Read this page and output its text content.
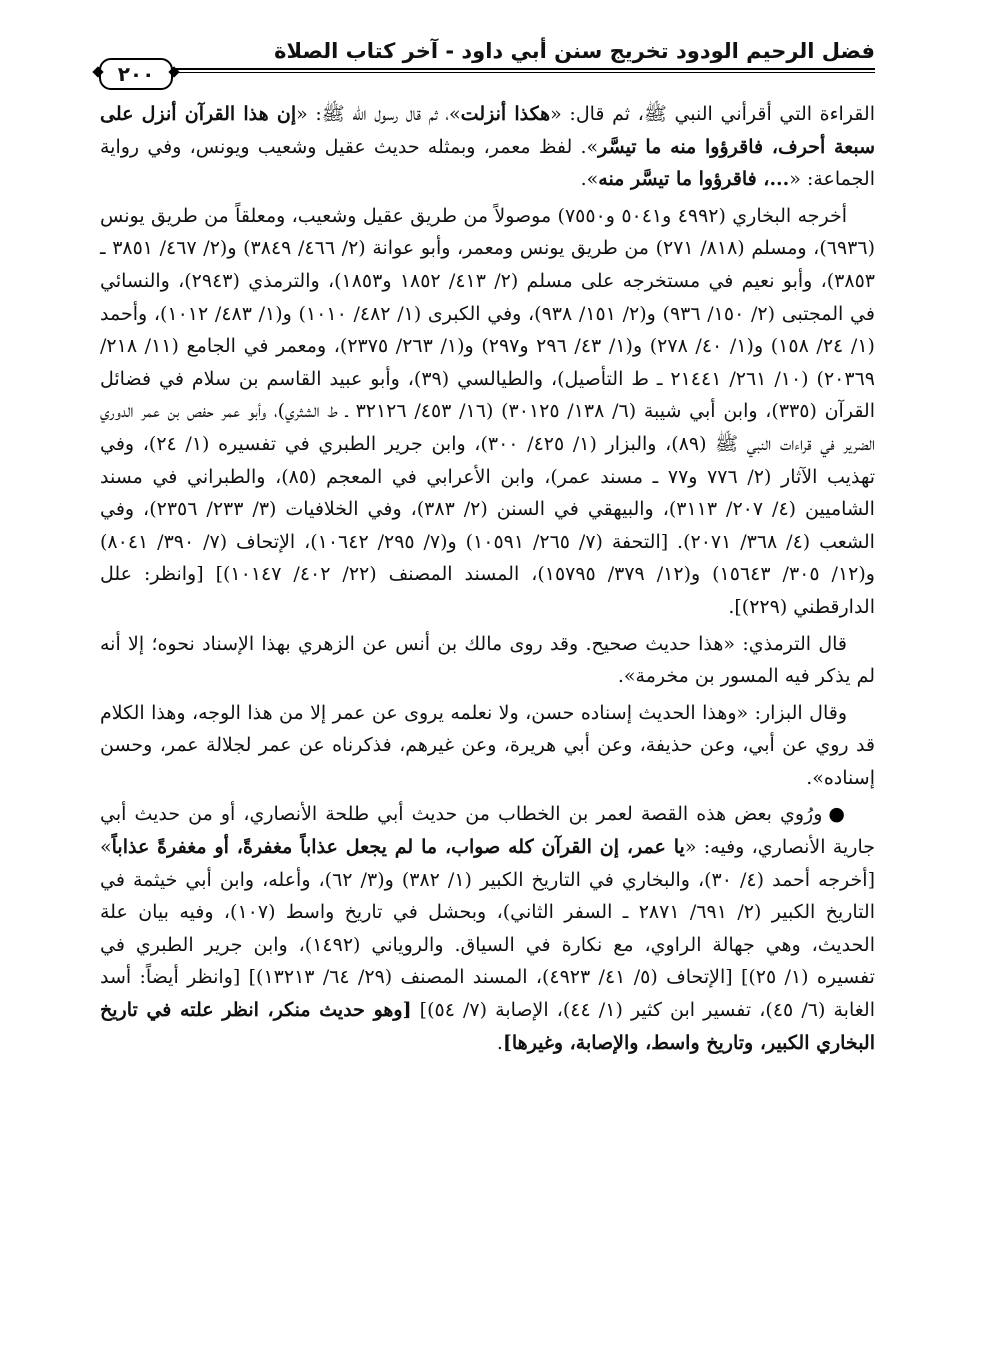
فضل الرحيم الودود تخريج سنن أبي داود - آخر كتاب الصلاة
٢٠٠

القراءة التي أقرأني النبي ﷺ، ثم قال: «هكذا أنزلت»، ثم قال رسول الله ﷺ: «إن هذا القرآن أنزل على سبعة أحرف، فاقرؤوا منه ما تيسَّر». لفظ معمر، وبمثله حديث عقيل وشعيب ويونس، وفي رواية الجماعة: «...، فاقرؤوا ما تيسَّر منه».

أخرجه البخاري (٤٩٩٢ و٥٠٤١ و٧٥٥٠) موصولاً من طريق عقيل وشعيب، ومعلقاً من طريق يونس (٦٩٣٦)، ومسلم (٨١٨/ ٢٧١) من طريق يونس ومعمر، وأبو عوانة (٢/ ٤٦٦/ ٣٨٤٩) و(٢/ ٤٦٧/ ٣٨٥١ ـ ٣٨٥٣)، وأبو نعيم في مستخرجه على مسلم (٢/ ٤١٣/ ١٨٥٢ و١٨٥٣)، والترمذي (٢٩٤٣)، والنسائي في المجتبى (٢/ ١٥٠/ ٩٣٦) و(٢/ ١٥١/ ٩٣٨)، وفي الكبرى (١/ ٤٨٢/ ١٠١٠) و(١/ ٤٨٣/ ١٠١٢)، وأحمد (١/ ٢٤/ ١٥٨) و(١/ ٤٠/ ٢٧٨) و(١/ ٤٣/ ٢٩٦ و٢٩٧) و(١/ ٢٦٣/ ٢٣٧٥)، ومعمر في الجامع (١١/ ٢١٨/ ٢٠٣٦٩) (١٠/ ٢٦١/ ٢١٤٤١ ـ ط التأصيل)، والطيالسي (٣٩)، وأبو عبيد القاسم بن سلام في فضائل القرآن (٣٣٥)، وابن أبي شيبة (٦/ ١٣٨/ ٣٠١٢٥) (١٦/ ٤٥٣/ ٣٢١٢٦ ـ ط الشثري)، وأبو عمر حفص بن عمر الدوري الضرير في قراءات النبي ﷺ (٨٩)، والبزار (١/ ٤٢٥/ ٣٠٠)، وابن جرير الطبري في تفسيره (١/ ٢٤)، وفي تهذيب الآثار (٢/ ٧٧٦ و٧٧ ـ مسند عمر)، وابن الأعرابي في المعجم (٨٥)، والطبراني في مسند الشاميين (٤/ ٢٠٧/ ٣١١٣)، والبيهقي في السنن (٢/ ٣٨٣)، وفي الخلافيات (٣/ ٢٣٣/ ٢٣٥٦)، وفي الشعب (٤/ ٣٦٨/ ٢٠٧١). [التحفة (٧/ ٢٦٥/ ١٠٥٩١) و(٧/ ٢٩٥/ ١٠٦٤٢)، الإتحاف (٧/ ٣٩٠/ ٨٠٤١) و(١٢/ ٣٠٥/ ١٥٦٤٣) و(١٢/ ٣٧٩/ ١٥٧٩٥)، المسند المصنف (٢٢/ ٤٠٢/ ١٠١٤٧)] [وانظر: علل الدارقطني (٢٢٩)].

قال الترمذي: «هذا حديث صحيح. وقد روى مالك بن أنس عن الزهري بهذا الإسناد نحوه؛ إلا أنه لم يذكر فيه المسور بن مخرمة».

وقال البزار: «وهذا الحديث إسناده حسن، ولا نعلمه يروى عن عمر إلا من هذا الوجه، وهذا الكلام قد روي عن أبي، وعن حذيفة، وعن أبي هريرة، وعن غيرهم، فذكرناه عن عمر لجلالة عمر، وحسن إسناده».

●ورُوي بعض هذه القصة لعمر بن الخطاب من حديث أبي طلحة الأنصاري، أو من حديث أبي جارية الأنصاري، وفيه: «يا عمر، إن القرآن كله صواب، ما لم يجعل عذاباً مغفرةً، أو مغفرةً عذاباً» [أخرجه أحمد (٤/ ٣٠)، والبخاري في التاريخ الكبير (١/ ٣٨٢) و(٣/ ٦٢)، وأعله، وابن أبي خيثمة في التاريخ الكبير (٢/ ٦٩١/ ٢٨٧١ ـ السفر الثاني)، وبحشل في تاريخ واسط (١٠٧)، وفيه بيان علة الحديث، وهي جهالة الراوي، مع نكارة في السياق. والروياني (١٤٩٢)، وابن جرير الطبري في تفسيره (١/ ٢٥)] [الإتحاف (٥/ ٤١/ ٤٩٢٣)، المسند المصنف (٢٩/ ٦٤/ ١٣٢١٣)] [وانظر أيضاً: أسد الغابة (٦/ ٤٥)، تفسير ابن كثير (١/ ٤٤)، الإصابة (٧/ ٥٤)] [وهو حديث منكر، انظر علته في تاريخ البخاري الكبير، وتاريخ واسط، والإصابة، وغيرها].
